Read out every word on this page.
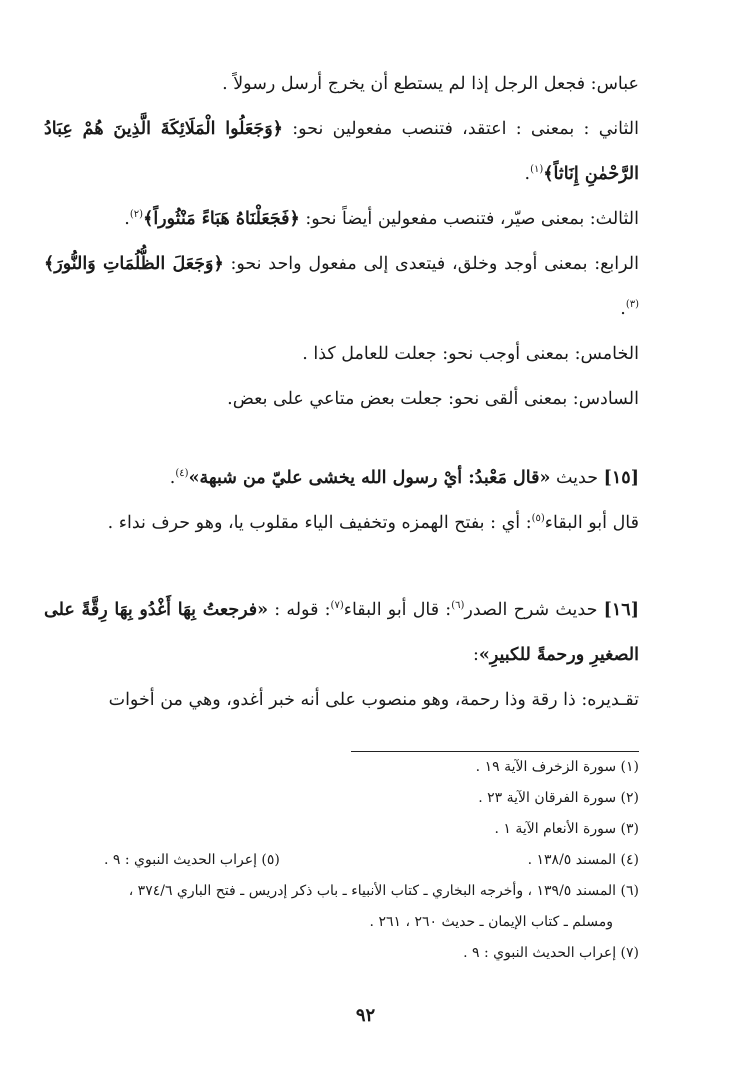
عباس: فجعل الرجل إذا لم يستطع أن يخرج أرسل رسولاً .

الثاني : بمعنى : اعتقد، فتنصب مفعولين نحو: ﴿وَجَعَلُوا الْمَلَائِكَةَ الَّذِينَ هُمْ عِبَادُ الرَّحْمٰنِ إِنَاثاً﴾$^{(١)}$.

الثالث: بمعنى صيّر، فتنصب مفعولين أيضاً نحو: ﴿فَجَعَلْنَاهُ هَبَاءً مَنْثُوراً﴾$^{(٢)}$.

الرابع: بمعنى أوجد وخلق، فيتعدى إلى مفعول واحد نحو: ﴿وَجَعَلَ الظُّلُمَاتِ وَالنُّورَ﴾$^{(٣)}$.

الخامس: بمعنى أوجب نحو: جعلت للعامل كذا .

السادس: بمعنى ألقى نحو: جعلت بعض متاعي على بعض.

[١٥] حديث «قال مَعْبدُ: أيْ رسول الله يخشى عليّ من شبهة»$^{(٤)}$.

قال أبو البقاء$^{(٥)}$: أي : بفتح الهمزه وتخفيف الياء مقلوب يا، وهو حرف نداء .

[١٦] حديث شرح الصدر$^{(٦)}$: قال أبو البقاء$^{(٧)}$: قوله : «فرجعتُ بِهَا أَغْدُو بِهَا رِقَّةً على الصغيرِ ورحمةً للكبيرِ»:

تقـديره: ذا رقة وذا رحمة، وهو منصوب على أنه خبر أغدو، وهي من أخوات

(١) سورة الزخرف الآية ١٩ .

(٢) سورة الفرقان الآية ٢٣ .

(٣) سورة الأنعام الآية ١ .

(٤) المسند ١٣٨/٥ .

(٥) إعراب الحديث النبوي : ٩ .

(٦) المسند ١٣٩/٥ ، وأخرجه البخاري ـ كتاب الأنبياء ـ باب ذكر إدريس ـ فتح الباري ٣٧٤/٦ ،

ومسلم ـ كتاب الإيمان ـ حديث ٢٦٠ ، ٢٦١ .

(٧) إعراب الحديث النبوي : ٩ .

٩٢
